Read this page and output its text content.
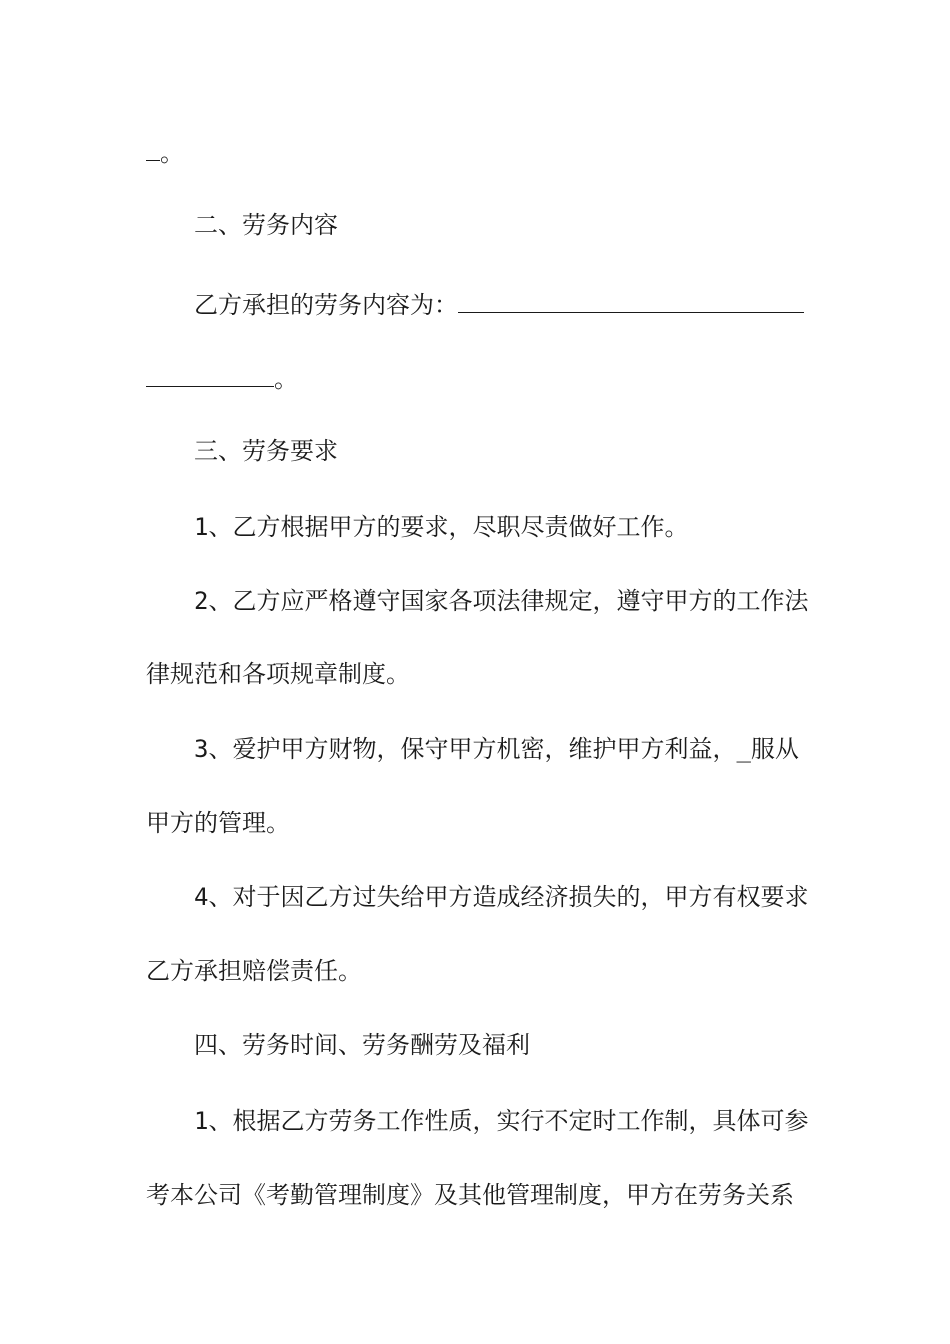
。

二、劳务内容

乙方承担的劳务内容为：

。

三、劳务要求

1、乙方根据甲方的要求，尽职尽责做好工作。

2、乙方应严格遵守国家各项法律规定，遵守甲方的工作法

律规范和各项规章制度。

3、爱护甲方财物，保守甲方机密，维护甲方利益，_服从

甲方的管理。

4、对于因乙方过失给甲方造成经济损失的，甲方有权要求

乙方承担赔偿责任。

四、劳务时间、劳务酬劳及福利

1、根据乙方劳务工作性质，实行不定时工作制，具体可参

考本公司《考勤管理制度》及其他管理制度，甲方在劳务关系
